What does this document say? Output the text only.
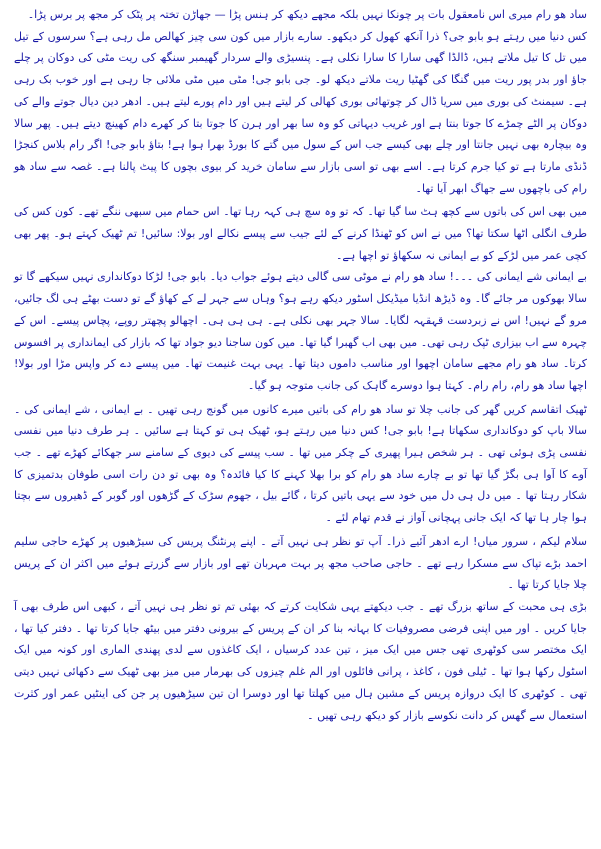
ساد ھو رام میری اس نامعقول بات پر چونکا نہیں بلکہ مجھے دیکھ کر ہنس پڑا — جھاڑن تختہ پر پٹک کر مجھ پر برس پڑا۔

کس دنیا میں رہتے ہو بابو جی؟ ذرا آنکھ کھول کر دیکھو۔ سارے بازار میں کون سی چیز کھالص مل رہی ہے؟ سرسوں کے تیل میں تل کا تیل ملاتے ہیں، ڈالڈا گھی سارا کا سارا نکلی ہے۔ پنسیڑی والے سردار گھیمبر سنگھ کی ریت مٹی کی دوکان پر چلے جاؤ اور بدر پور ریت میں گنگا کی گھٹیا ریت ملاتے دیکھ لو۔ جی بابو جی! مٹی میں مٹی ملائی جا رہی ہے اور خوب بک رہی ہے۔ سیمنٹ کی بوری میں سریا ڈال کر چوتھائی بوری کھالی کر لیتے ہیں اور دام پورے لیتے ہیں۔ ادھر دین دیال جوتے والے کی دوکان پر الٹے چمڑے کا جوتا بنتا ہے اور غریب دیہاتی کو وہ سا بھر اور ہرن کا جوتا بتا کر کھرے دام کھینچ دیتے ہیں۔ پھر سالا وہ بیچارہ بھی نہیں جانتا اور چلے بھی کیسے جب اس کے سول میں گتے کا بورڈ بھرا ہوا ہے! بتاؤ بابو جی! اگر رام بلاس کنجڑا ڈنڈی مارتا ہے تو کیا جرم کرتا ہے۔ اسے بھی تو اسی بازار سے سامان خرید کر بیوی بچوں کا پیٹ پالنا ہے۔ غصہ سے ساد ھو رام کی باچھوں سے جھاگ ابھر آیا تھا۔

میں بھی اس کی باتوں سے کچھ ہٹ سا گیا تھا۔ کہ تو وہ سچ ہی کہہ رہا تھا۔ اس حمام میں سبھی ننگے تھے۔ کون کس کی طرف انگلی اٹھا سکتا تھا؟ میں نے اس کو ٹھنڈا کرنے کے لئے جیب سے پیسے نکالے اور بولا: سائیں! تم ٹھیک کہتے ہو۔ پھر بھی کچی عمر میں لڑکے کو بے ایمانی نہ سکھاؤ تو اچھا ہے۔

بے ایمانی شے ایمانی کی ۔۔۔! ساد ھو رام نے موٹی سی گالی دیتے ہوئے جواب دیا۔ بابو جی! لڑکا دوکانداری نہیں سیکھے گا تو سالا بھوکوں مر جائے گا۔ وہ ڈیڑھ انڈیا میڈیکل اسٹور دیکھ رہے ہو؟ وہاں سے جہر لے کے کھاؤ گے تو دست بھٹے ہی لگ جائیں، مرو گے نہیں! اس نے زبردست قہقہہ لگایا۔ سالا جہر بھی نکلی ہے۔ ہی ہی ہی۔ اچھالو پچھتر روپے، پچاس پیسے۔ اس کے چہرہ سے اب بیزاری ٹپک رہی تھی۔ میں بھی اب گھبرا گیا تھا۔ میں کون ساجنا دیو جواد تھا کہ بازار کی ایمانداری پر افسوس کرتا۔ ساد ھو رام مجھے سامان اچھوا اور مناسب داموں دیتا تھا۔ یہی بہت غنیمت تھا۔ میں پیسے دے کر واپس مڑا اور بولا! اچھا ساد ھو رام، رام رام۔ کہتا ہوا دوسرے گاہک کی جانب متوجہ ہو گیا۔

ٹھیک اتقاسم کریں گھر کی جانب چلا تو ساد ھو رام کی باتیں میرے کانوں میں گونج رہی تھیں ۔ بے ایمانی ، شے ایمانی کی ۔ سالا باپ کو دوکانداری سکھاتا ہے! بابو جی! کس دنیا میں رہتے ہو، ٹھیک ہی تو کہتا ہے سائیں ۔ ہر طرف دنیا میں نفسی نفسی پڑی ہوئی تھی ۔ ہر شخص ہیرا پھیری کے چکر میں تھا ۔ سب پیسے کی دیوی کے سامنے سر جھکائے کھڑے تھے ۔ جب آوے کا آوا ہی بگڑ گیا تھا تو بے چارے ساد ھو رام کو برا بھلا کہنے کا کیا فائدہ؟ وہ بھی تو دن رات اسی طوفان بدتمیزی کا شکار رہتا تھا ۔ میں دل ہی دل میں خود سے یہی باتیں کرتا ، گائے بیل ، جھوم سڑک کے گڑھوں اور گوبر کے ڈھیروں سے بچتا ہوا چار ہا تھا کہ ایک جانی پہچانی آواز نے قدم تھام لئے ۔

سلام لیکم ، سرور میاں! ارے ادھر آئیے ذرا۔ آپ تو نظر ہی نہیں آتے ۔ اپنے پرنٹنگ پریس کی سیڑھیوں پر کھڑے حاجی سلیم احمد بڑے تپاک سے مسکرا رہے تھے ۔ حاجی صاحب مجھ پر بہت مہربان تھے اور بازار سے گزرتے ہوئے میں اکثر ان کے پریس چلا جایا کرتا تھا ۔

بڑی ہی محبت کے ساتھ بزرگ تھے ۔ جب دیکھتے یہی شکایت کرتے کہ بھئی تم تو نظر ہی نہیں آتے ، کبھی اس طرف بھی آ جایا کریں ۔ اور میں اپنی فرضی مصروفیات کا بہانہ بنا کر ان کے پریس کے بیرونی دفتر میں بیٹھ جایا کرتا تھا ۔ دفتر کیا تھا ، ایک مختصر سی کوٹھری تھی جس میں ایک میز ، تین عدد کرسیاں ، ایک کاغذوں سے لدی پھندی الماری اور کونہ میں ایک اسٹول رکھا ہوا تھا ۔ ٹیلی فون ، کاغذ ، پرانی فائلوں اور الم غلم چیزوں کی بھرمار میں میز بھی ٹھیک سے دکھائی نہیں دیتی تھی ۔ کوٹھری کا ایک دروازہ پریس کے مشین ہال میں کھلتا تھا اور دوسرا ان تین سیڑھیوں پر جن کی اینٹیں عمر اور کثرت استعمال سے گھس کر دانت نکوسے بازار کو دیکھ رہی تھیں ۔
